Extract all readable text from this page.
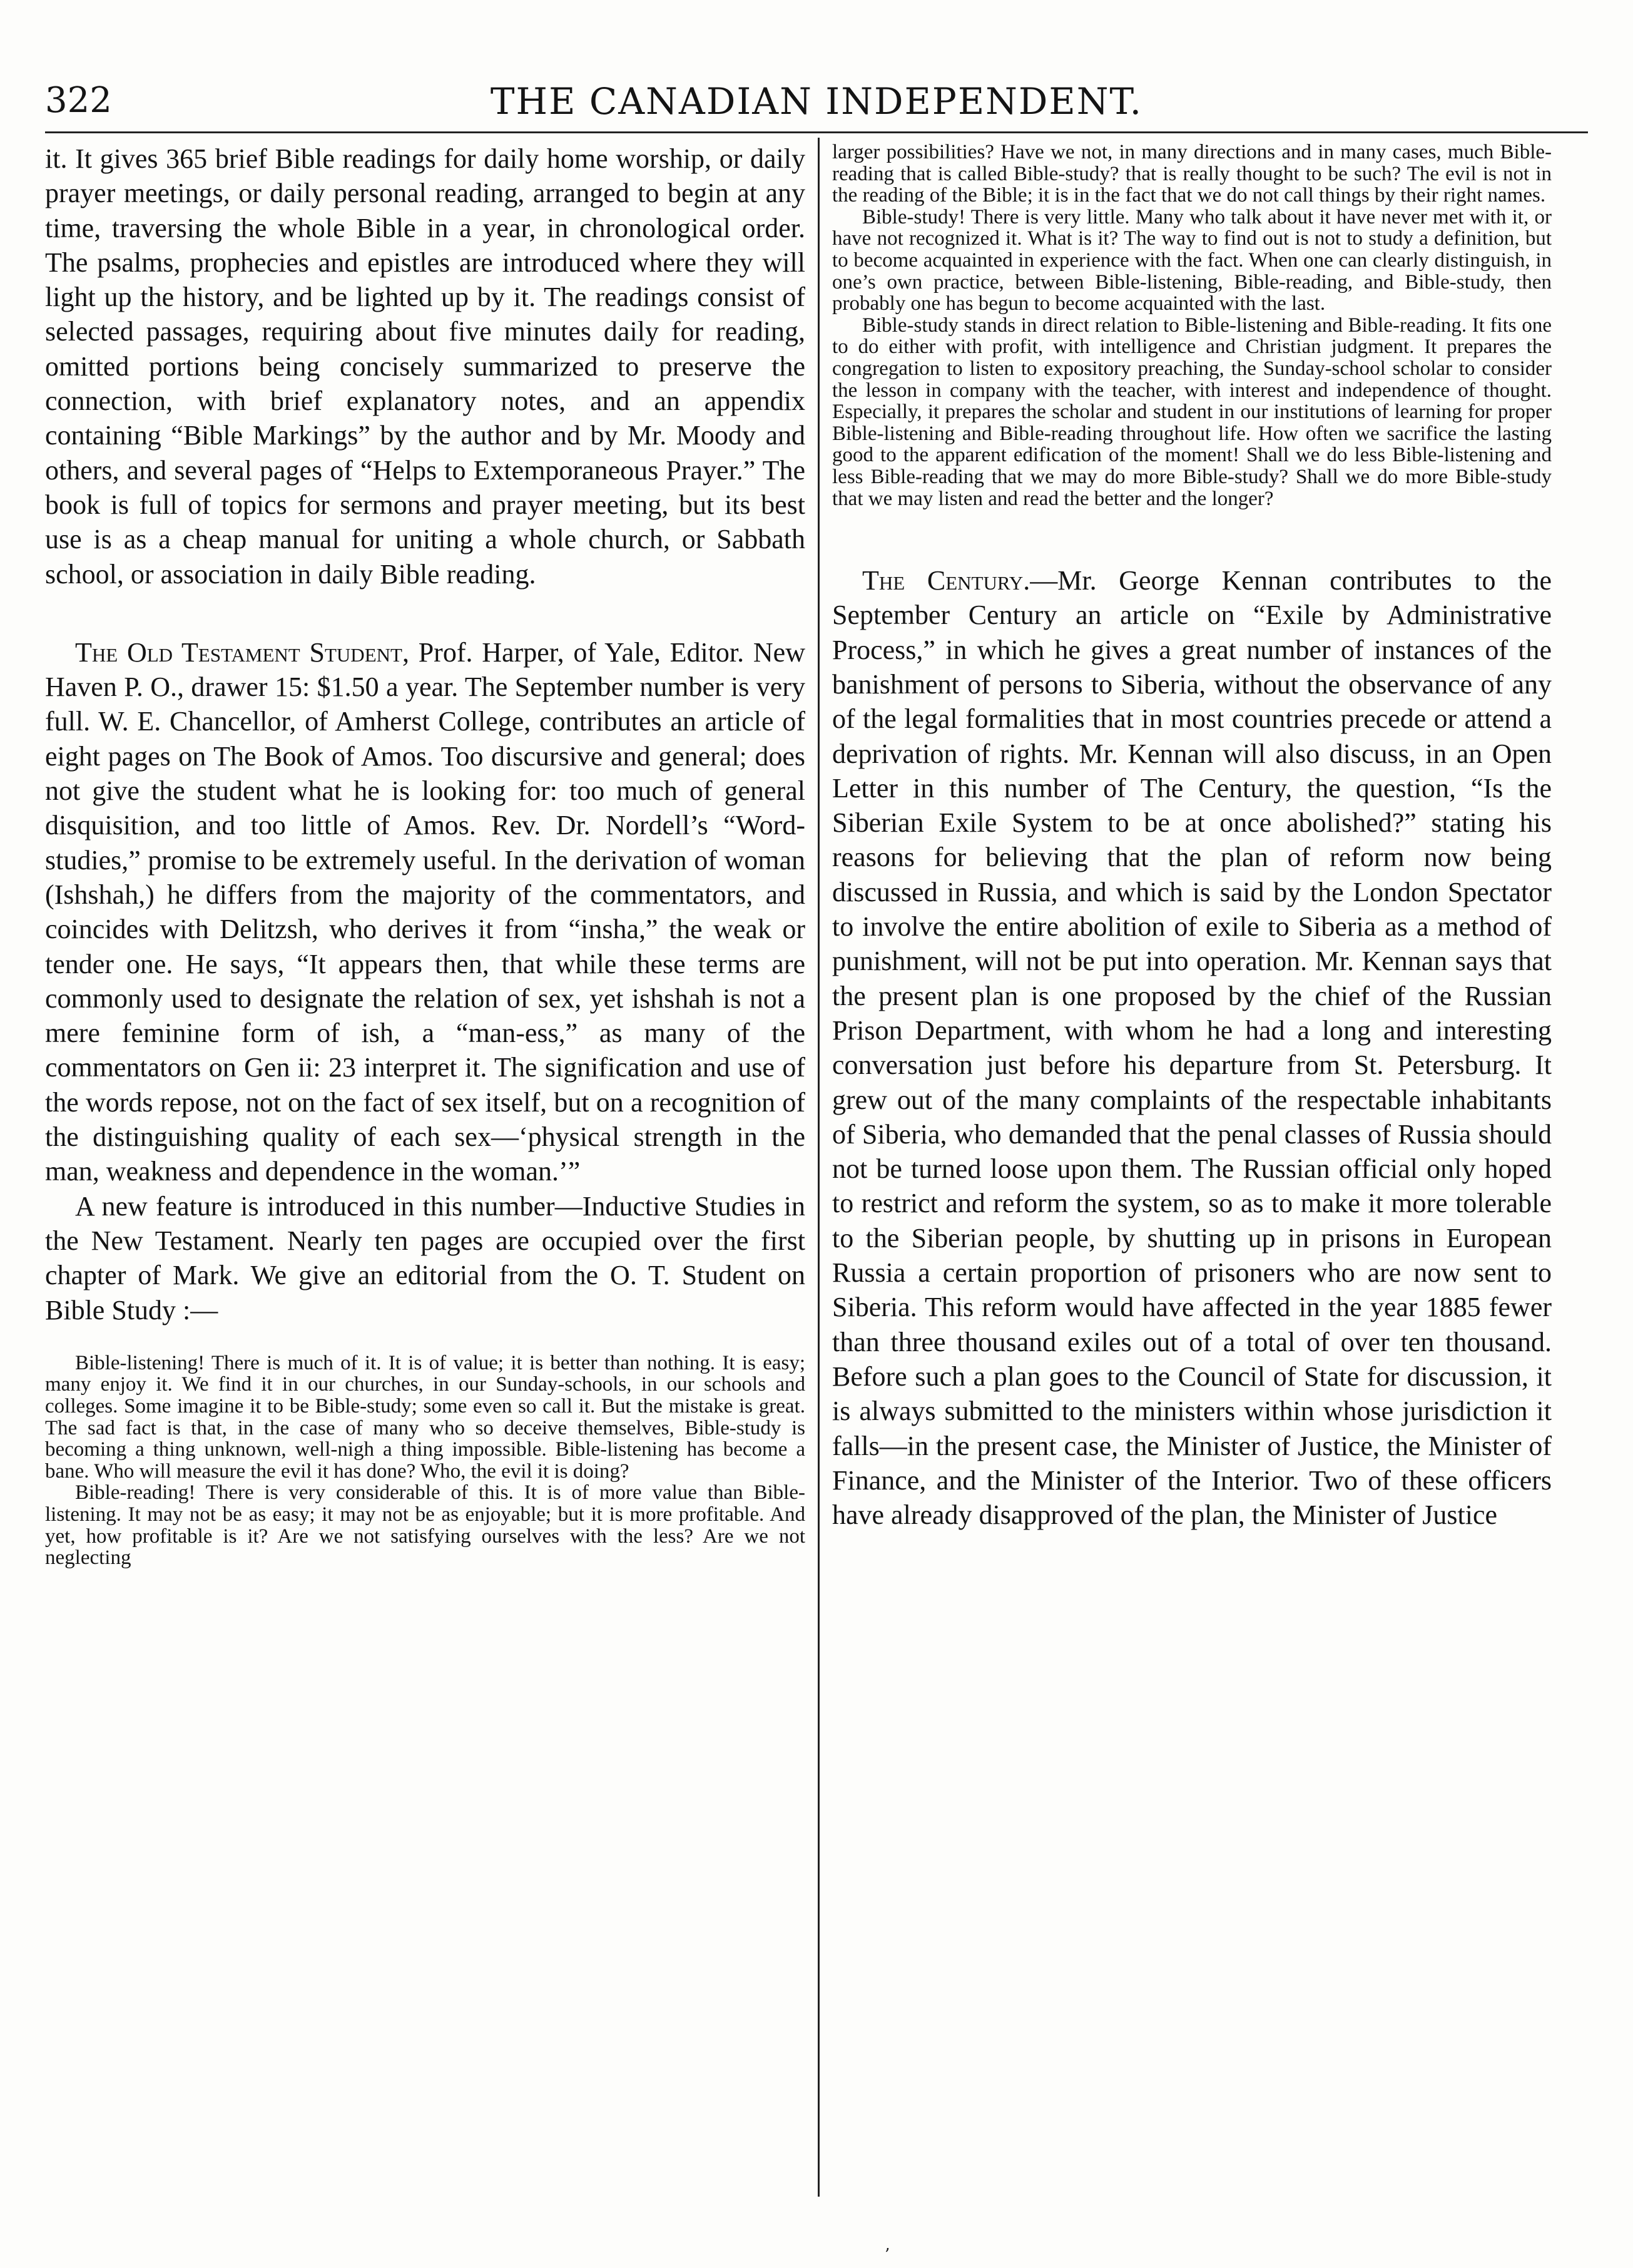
322	THE CANADIAN INDEPENDENT.

it. It gives 365 brief Bible readings for daily home worship, or daily prayer meetings, or daily personal reading, arranged to begin at any time, traversing the whole Bible in a year, in chronological order. The psalms, prophecies and epistles are introduced where they will light up the history, and be lighted up by it. The readings consist of selected passages, requiring about five minutes daily for reading, omitted portions being concisely summarized to preserve the connection, with brief explanatory notes, and an appendix containing “Bible Markings” by the author and by Mr. Moody and others, and several pages of “Helps to Extemporaneous Prayer.” The book is full of topics for sermons and prayer meeting, but its best use is as a cheap manual for uniting a whole church, or Sabbath school, or association in daily Bible reading.

The Old Testament Student, Prof. Harper, of Yale, Editor. New Haven P. O., drawer 15: $1.50 a year. The September number is very full. W. E. Chancellor, of Amherst College, contributes an article of eight pages on The Book of Amos. Too discursive and general; does not give the student what he is looking for: too much of general disquisition, and too little of Amos. Rev. Dr. Nordell’s “Word-studies,” promise to be extremely useful. In the derivation of woman (Ishshah,) he differs from the majority of the commentators, and coincides with Delitzsh, who derives it from “insha,” the weak or tender one. He says, “It appears then, that while these terms are commonly used to designate the relation of sex, yet ishshah is not a mere feminine form of ish, a “man-ess,” as many of the commentators on Gen ii: 23 interpret it. The signification and use of the words repose, not on the fact of sex itself, but on a recognition of the distinguishing quality of each sex—‘physical strength in the man, weakness and dependence in the woman.’”

A new feature is introduced in this number—Inductive Studies in the New Testament. Nearly ten pages are occupied over the first chapter of Mark. We give an editorial from the O. T. Student on Bible Study :—

Bible-listening! There is much of it. It is of value; it is better than nothing. It is easy; many enjoy it. We find it in our churches, in our Sunday-schools, in our schools and colleges. Some imagine it to be Bible-study; some even so call it. But the mistake is great. The sad fact is that, in the case of many who so deceive themselves, Bible-study is becoming a thing unknown, well-nigh a thing impossible. Bible-listening has become a bane. Who will measure the evil it has done? Who, the evil it is doing?

Bible-reading! There is very considerable of this. It is of more value than Bible-listening. It may not be as easy; it may not be as enjoyable; but it is more profitable. And yet, how profitable is it? Are we not satisfying ourselves with the less? Are we not neglecting

larger possibilities? Have we not, in many directions and in many cases, much Bible-reading that is called Bible-study? that is really thought to be such? The evil is not in the reading of the Bible; it is in the fact that we do not call things by their right names.

Bible-study! There is very little. Many who talk about it have never met with it, or have not recognized it. What is it? The way to find out is not to study a definition, but to become acquainted in experience with the fact. When one can clearly distinguish, in one’s own practice, between Bible-listening, Bible-reading, and Bible-study, then probably one has begun to become acquainted with the last.

Bible-study stands in direct relation to Bible-listening and Bible-reading. It fits one to do either with profit, with intelligence and Christian judgment. It prepares the congregation to listen to expository preaching, the Sunday-school scholar to consider the lesson in company with the teacher, with interest and independence of thought. Especially, it prepares the scholar and student in our institutions of learning for proper Bible-listening and Bible-reading throughout life. How often we sacrifice the lasting good to the apparent edification of the moment! Shall we do less Bible-listening and less Bible-reading that we may do more Bible-study? Shall we do more Bible-study that we may listen and read the better and the longer?

The Century.—Mr. George Kennan contributes to the September Century an article on “Exile by Administrative Process,” in which he gives a great number of instances of the banishment of persons to Siberia, without the observance of any of the legal formalities that in most countries precede or attend a deprivation of rights. Mr. Kennan will also discuss, in an Open Letter in this number of The Century, the question, “Is the Siberian Exile System to be at once abolished?” stating his reasons for believing that the plan of reform now being discussed in Russia, and which is said by the London Spectator to involve the entire abolition of exile to Siberia as a method of punishment, will not be put into operation. Mr. Kennan says that the present plan is one proposed by the chief of the Russian Prison Department, with whom he had a long and interesting conversation just before his departure from St. Petersburg. It grew out of the many complaints of the respectable inhabitants of Siberia, who demanded that the penal classes of Russia should not be turned loose upon them. The Russian official only hoped to restrict and reform the system, so as to make it more tolerable to the Siberian people, by shutting up in prisons in European Russia a certain proportion of prisoners who are now sent to Siberia. This reform would have affected in the year 1885 fewer than three thousand exiles out of a total of over ten thousand. Before such a plan goes to the Council of State for discussion, it is always submitted to the ministers within whose jurisdiction it falls—in the present case, the Minister of Justice, the Minister of Finance, and the Minister of the Interior. Two of these officers have already disapproved of the plan, the Minister of Justice

’
